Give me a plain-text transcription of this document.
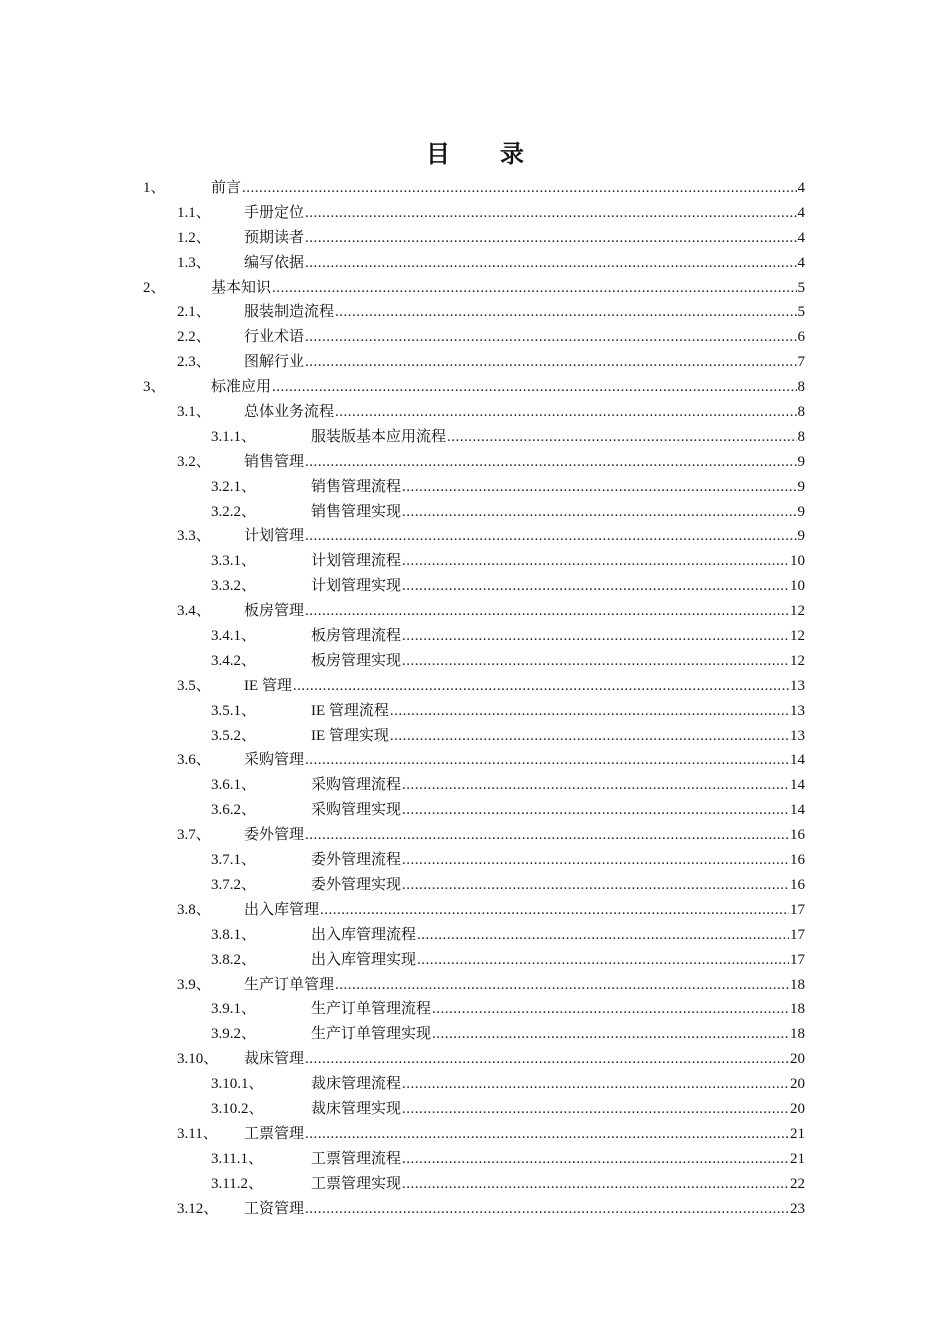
目 录
1、	前言 .....	4
1.1、 手册定位 .....	4
1.2、 预期读者 .....	4
1.3、 编写依据 .....	4
2、	基本知识 .....	5
2.1、 服装制造流程 .....	5
2.2、 行业术语 .....	6
2.3、 图解行业 .....	7
3、	标准应用 .....	8
3.1、 总体业务流程 .....	8
3.1.1、	服装版基本应用流程 .....	8
3.2、 销售管理 .....	9
3.2.1、	销售管理流程 .....	9
3.2.2、	销售管理实现 .....	9
3.3、 计划管理 .....	9
3.3.1、	计划管理流程 .....	10
3.3.2、	计划管理实现 .....	10
3.4、 板房管理 .....	12
3.4.1、	板房管理流程 .....	12
3.4.2、	板房管理实现 .....	12
3.5、 IE 管理 .....	13
3.5.1、	IE 管理流程 .....	13
3.5.2、	IE 管理实现 .....	13
3.6、 采购管理 .....	14
3.6.1、	采购管理流程 .....	14
3.6.2、	采购管理实现 .....	14
3.7、 委外管理 .....	16
3.7.1、	委外管理流程 .....	16
3.7.2、	委外管理实现 .....	16
3.8、 出入库管理 .....	17
3.8.1、	出入库管理流程 .....	17
3.8.2、	出入库管理实现 .....	17
3.9、 生产订单管理 .....	18
3.9.1、	生产订单管理流程 .....	18
3.9.2、	生产订单管理实现 .....	18
3.10、 裁床管理 .....	20
3.10.1、	裁床管理流程 .....	20
3.10.2、	裁床管理实现 .....	20
3.11、 工票管理 .....	21
3.11.1、	工票管理流程 .....	21
3.11.2、	工票管理实现 .....	22
3.12、 工资管理 .....	23
